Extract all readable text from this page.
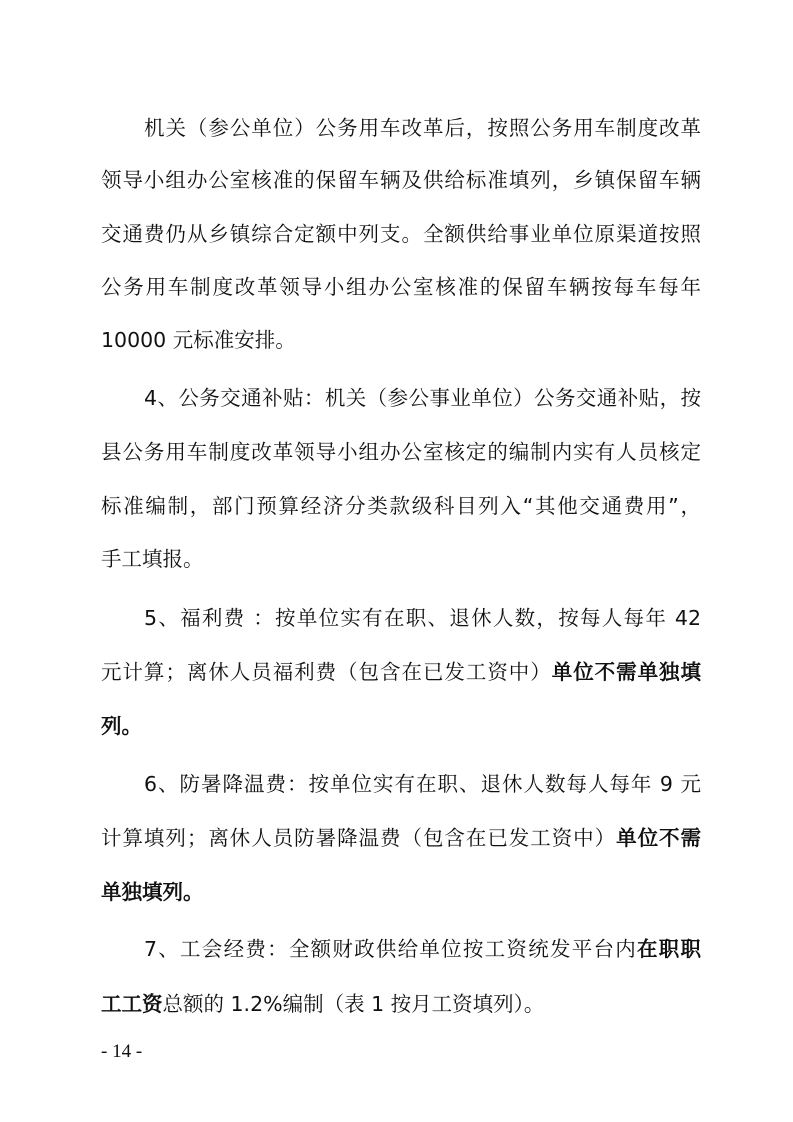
机关（参公单位）公务用车改革后，按照公务用车制度改革
领导小组办公室核准的保留车辆及供给标准填列，乡镇保留车辆
交通费仍从乡镇综合定额中列支。全额供给事业单位原渠道按照
公务用车制度改革领导小组办公室核准的保留车辆按每车每年
10000 元标准安排。
4、公务交通补贴：机关（参公事业单位）公务交通补贴，按
县公务用车制度改革领导小组办公室核定的编制内实有人员核定
标准编制，部门预算经济分类款级科目列入“其他交通费用”，
手工填报。
5、福利费 ：按单位实有在职、退休人数，按每人每年 42
元计算；离休人员福利费（包含在已发工资中）单位不需单独填
列。
6、防暑降温费：按单位实有在职、退休人数每人每年 9 元
计算填列；离休人员防暑降温费（包含在已发工资中）单位不需
单独填列。
7、工会经费：全额财政供给单位按工资统发平台内在职职
工工资总额的 1.2%编制（表 1 按月工资填列）。
- 14 -
